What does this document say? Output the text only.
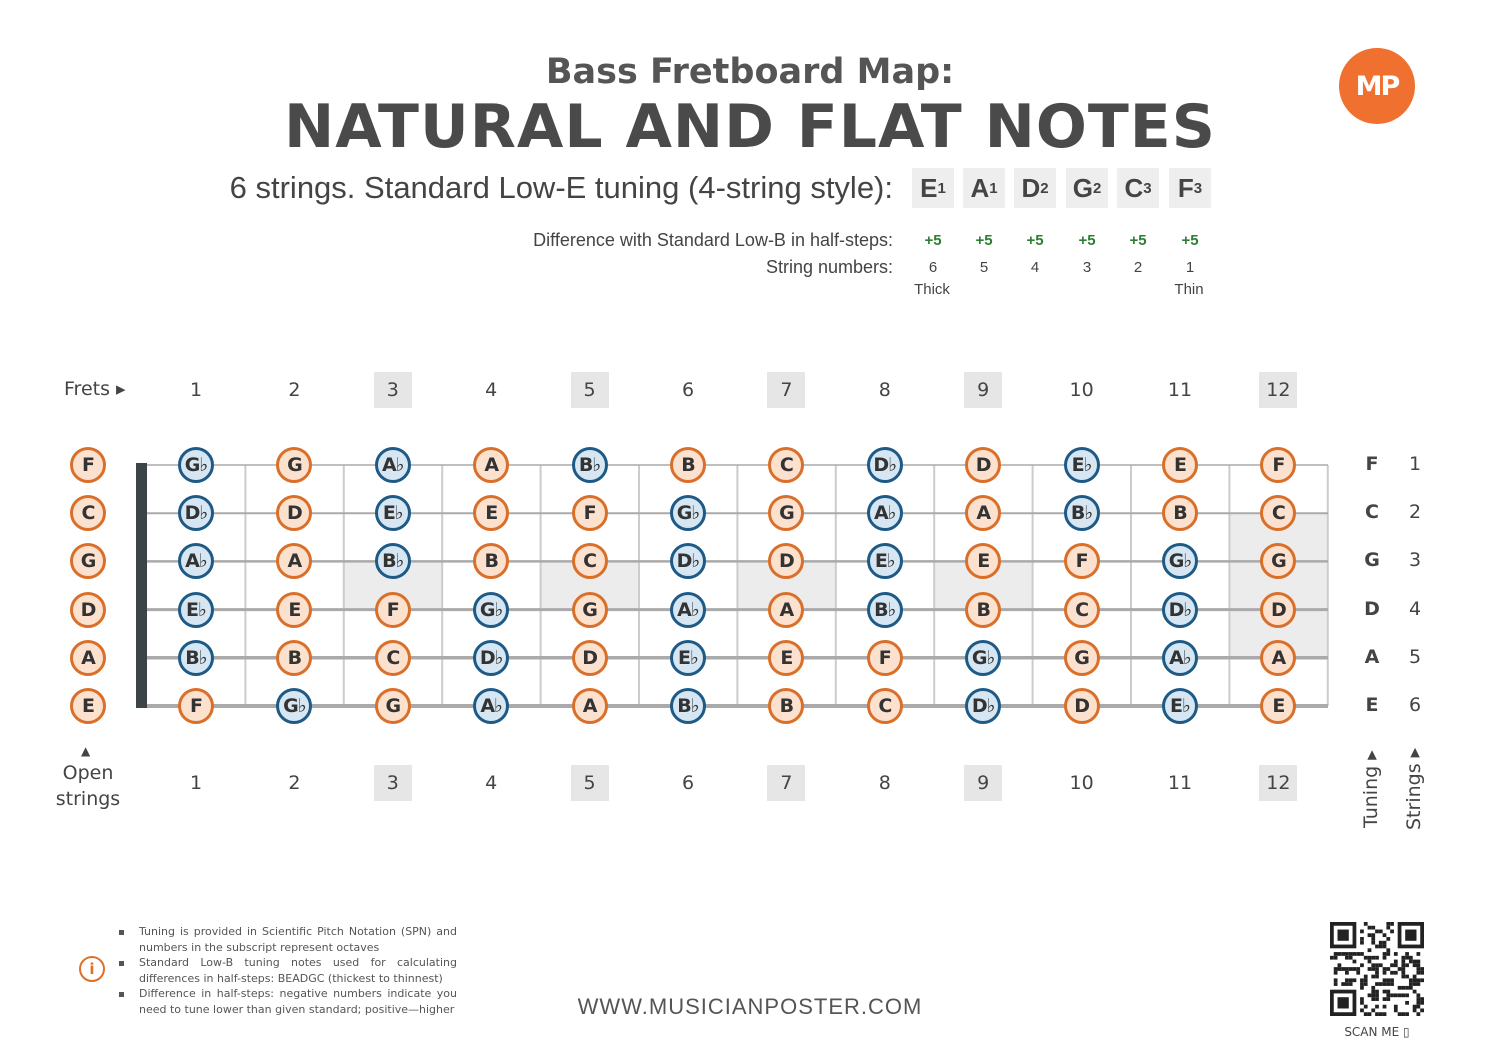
Bass Fretboard Map:
NATURAL AND FLAT NOTES
MP
6 strings. Standard Low-E tuning (4-string style): E 1 A 1 D 2 G 2 C 3 F 3
Difference with Standard Low-B in half-steps:
String numbers:
+5	+5	+5	+5	+5	+5
6	5	4	3	2	1
Thick	Thin
Frets ▸	1	2	3	4	5	6	7	8	9	10	11	12
G♭	G	A♭	A	B♭	B	C	D♭	D	E♭	E	F
D♭	D	E♭	E	F	G♭	G	A♭	A	B♭	B	C
A♭	A	B♭	B	C	D♭	D	E♭	E	F	G♭	G
E♭	E	F	G♭	G	A♭	A	B♭	B	C	D♭	D
B♭	B	C	D♭	D	E♭	E	F	G♭	G	A♭	A
F	G♭	G	A♭	A	B♭	B	C	D♭	D	E♭	E
F
C
G
D
A
E
F	1
C	2
G	3
D	4
A	5
E	6
1	2	3	4	5	6	7	8	9	10	11	12
▲
Open
strings	Tuning ▸ Strings ▸
i
Tuning is provided in Scientific Pitch Notation (SPN) and numbers in the subscript represent octaves
Standard Low-B tuning notes used for calculating differences in half-steps: BEADGC (thickest to thinnest)
Difference in half-steps: negative numbers indicate you need to tune lower than given standard; positive—higher	WWW.MUSICIANPOSTER.COM
SCAN ME ▯
